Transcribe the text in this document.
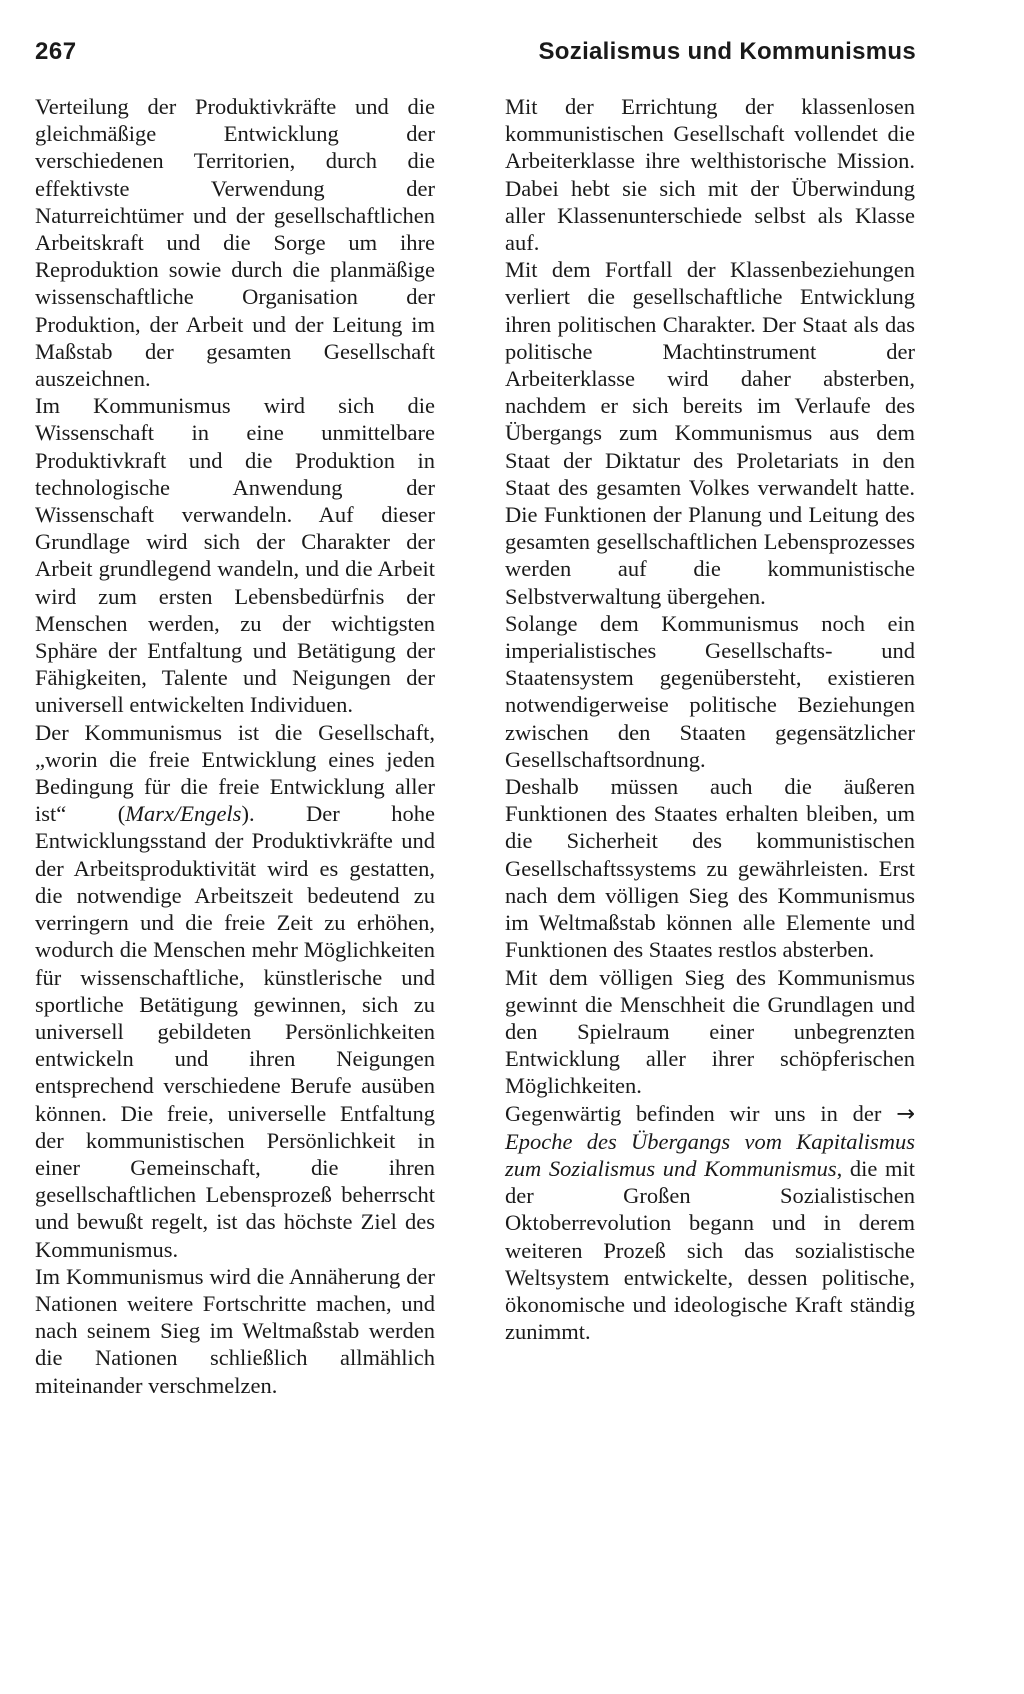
267	Sozialismus und Kommunismus

Verteilung der Produktivkräfte und die gleichmäßige Entwicklung der verschiedenen Territorien, durch die effektivste Verwendung der Naturreichtümer und der gesellschaftlichen Arbeitskraft und die Sorge um ihre Reproduktion sowie durch die planmäßige wissenschaftliche Organisation der Produktion, der Arbeit und der Leitung im Maßstab der gesamten Gesellschaft auszeichnen.

Im Kommunismus wird sich die Wissenschaft in eine unmittelbare Produktivkraft und die Produktion in technologische Anwendung der Wissenschaft verwandeln. Auf dieser Grundlage wird sich der Charakter der Arbeit grundlegend wandeln, und die Arbeit wird zum ersten Lebensbedürfnis der Menschen werden, zu der wichtigsten Sphäre der Entfaltung und Betätigung der Fähigkeiten, Talente und Neigungen der universell entwickelten Individuen.

Der Kommunismus ist die Gesellschaft, „worin die freie Entwicklung eines jeden Bedingung für die freie Entwicklung aller ist“ (Marx/Engels). Der hohe Entwicklungsstand der Produktivkräfte und der Arbeitsproduktivität wird es gestatten, die notwendige Arbeitszeit bedeutend zu verringern und die freie Zeit zu erhöhen, wodurch die Menschen mehr Möglichkeiten für wissenschaftliche, künstlerische und sportliche Betätigung gewinnen, sich zu universell gebildeten Persönlichkeiten entwickeln und ihren Neigungen entsprechend verschiedene Berufe ausüben können. Die freie, universelle Entfaltung der kommunistischen Persönlichkeit in einer Gemeinschaft, die ihren gesellschaftlichen Lebensprozeß beherrscht und bewußt regelt, ist das höchste Ziel des Kommunismus.

Im Kommunismus wird die Annäherung der Nationen weitere Fortschritte machen, und nach seinem Sieg im Weltmaßstab werden die Nationen schließlich allmählich miteinander verschmelzen.

Mit der Errichtung der klassenlosen kommunistischen Gesellschaft vollendet die Arbeiterklasse ihre welthistorische Mission. Dabei hebt sie sich mit der Überwindung aller Klassenunterschiede selbst als Klasse auf.

Mit dem Fortfall der Klassenbeziehungen verliert die gesellschaftliche Entwicklung ihren politischen Charakter. Der Staat als das politische Machtinstrument der Arbeiterklasse wird daher absterben, nachdem er sich bereits im Verlaufe des Übergangs zum Kommunismus aus dem Staat der Diktatur des Proletariats in den Staat des gesamten Volkes verwandelt hatte. Die Funktionen der Planung und Leitung des gesamten gesellschaftlichen Lebensprozesses werden auf die kommunistische Selbstverwaltung übergehen.

Solange dem Kommunismus noch ein imperialistisches Gesellschafts- und Staatensystem gegenübersteht, existieren notwendigerweise politische Beziehungen zwischen den Staaten gegensätzlicher Gesellschaftsordnung.

Deshalb müssen auch die äußeren Funktionen des Staates erhalten bleiben, um die Sicherheit des kommunistischen Gesellschaftssystems zu gewährleisten. Erst nach dem völligen Sieg des Kommunismus im Weltmaßstab können alle Elemente und Funktionen des Staates restlos absterben.

Mit dem völligen Sieg des Kommunismus gewinnt die Menschheit die Grundlagen und den Spielraum einer unbegrenzten Entwicklung aller ihrer schöpferischen Möglichkeiten.

Gegenwärtig befinden wir uns in der → Epoche des Übergangs vom Kapitalismus zum Sozialismus und Kommunismus, die mit der Großen Sozialistischen Oktoberrevolution begann und in derem weiteren Prozeß sich das sozialistische Weltsystem entwickelte, dessen politische, ökonomische und ideologische Kraft ständig zunimmt.
